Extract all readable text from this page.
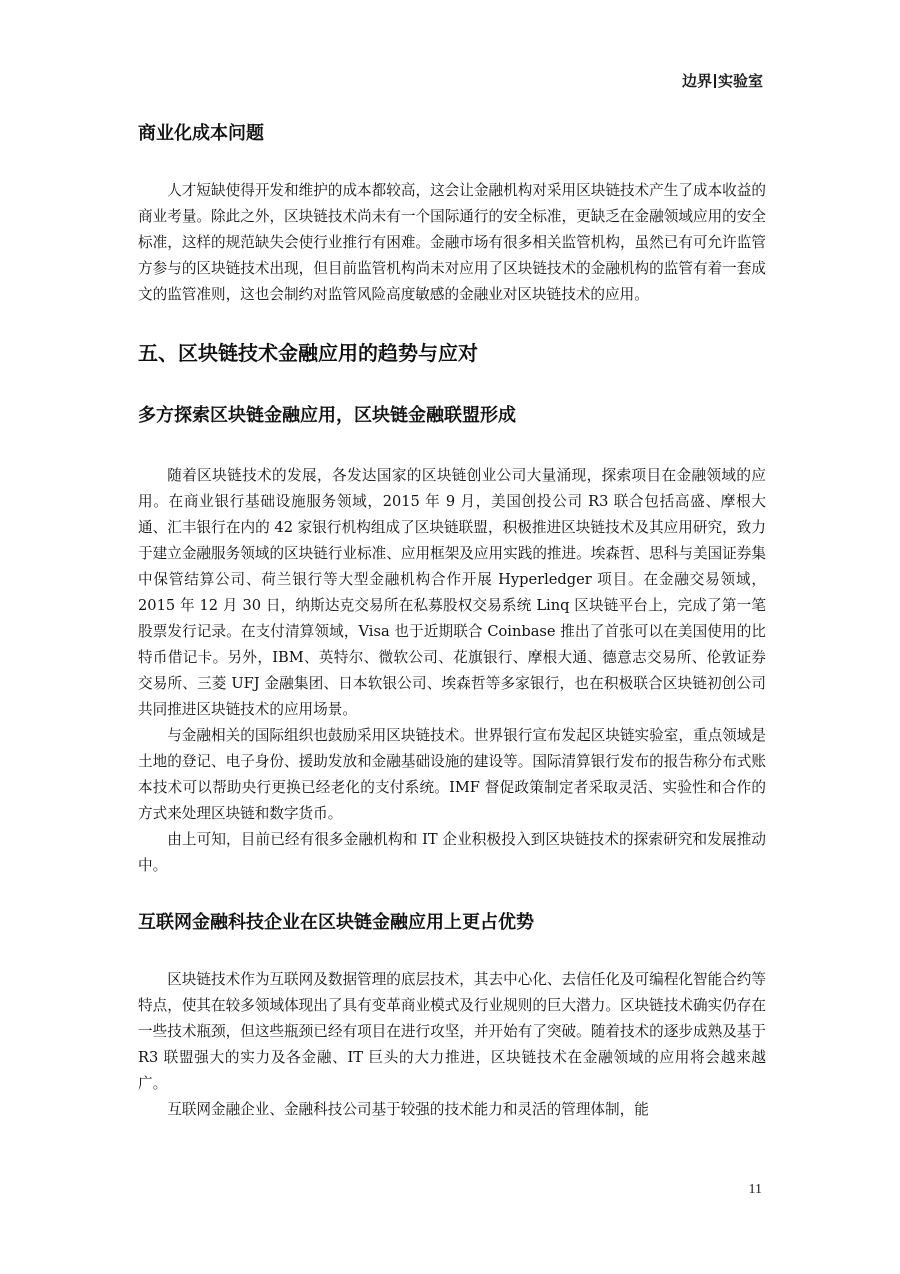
边界 实验室
商业化成本问题

人才短缺使得开发和维护的成本都较高，这会让金融机构对采用区块链技术产生了成本收益的商业考量。除此之外，区块链技术尚未有一个国际通行的安全标准，更缺乏在金融领域应用的安全标准，这样的规范缺失会使行业推行有困难。金融市场有很多相关监管机构，虽然已有可允许监管方参与的区块链技术出现，但目前监管机构尚未对应用了区块链技术的金融机构的监管有着一套成文的监管准则，这也会制约对监管风险高度敏感的金融业对区块链技术的应用。

五、区块链技术金融应用的趋势与应对
多方探索区块链金融应用，区块链金融联盟形成

随着区块链技术的发展，各发达国家的区块链创业公司大量涌现，探索项目在金融领域的应用。在商业银行基础设施服务领域，2015 年 9 月，美国创投公司 R3 联合包括高盛、摩根大通、汇丰银行在内的 42 家银行机构组成了区块链联盟，积极推进区块链技术及其应用研究，致力于建立金融服务领域的区块链行业标准、应用框架及应用实践的推进。埃森哲、思科与美国证券集中保管结算公司、荷兰银行等大型金融机构合作开展 Hyperledger 项目。在金融交易领域，2015 年 12 月 30 日，纳斯达克交易所在私募股权交易系统 Linq 区块链平台上，完成了第一笔股票发行记录。在支付清算领域，Visa 也于近期联合 Coinbase 推出了首张可以在美国使用的比特币借记卡。另外，IBM、英特尔、微软公司、花旗银行、摩根大通、德意志交易所、伦敦证券交易所、三菱 UFJ 金融集团、日本软银公司、埃森哲等多家银行，也在积极联合区块链初创公司共同推进区块链技术的应用场景。

与金融相关的国际组织也鼓励采用区块链技术。世界银行宣布发起区块链实验室，重点领域是土地的登记、电子身份、援助发放和金融基础设施的建设等。国际清算银行发布的报告称分布式账本技术可以帮助央行更换已经老化的支付系统。IMF 督促政策制定者采取灵活、实验性和合作的方式来处理区块链和数字货币。

由上可知，目前已经有很多金融机构和 IT 企业积极投入到区块链技术的探索研究和发展推动中。

互联网金融科技企业在区块链金融应用上更占优势

区块链技术作为互联网及数据管理的底层技术，其去中心化、去信任化及可编程化智能合约等特点，使其在较多领域体现出了具有变革商业模式及行业规则的巨大潜力。区块链技术确实仍存在一些技术瓶颈，但这些瓶颈已经有项目在进行攻坚，并开始有了突破。随着技术的逐步成熟及基于 R3 联盟强大的实力及各金融、IT 巨头的大力推进，区块链技术在金融领域的应用将会越来越广。

互联网金融企业、金融科技公司基于较强的技术能力和灵活的管理体制，能

11
